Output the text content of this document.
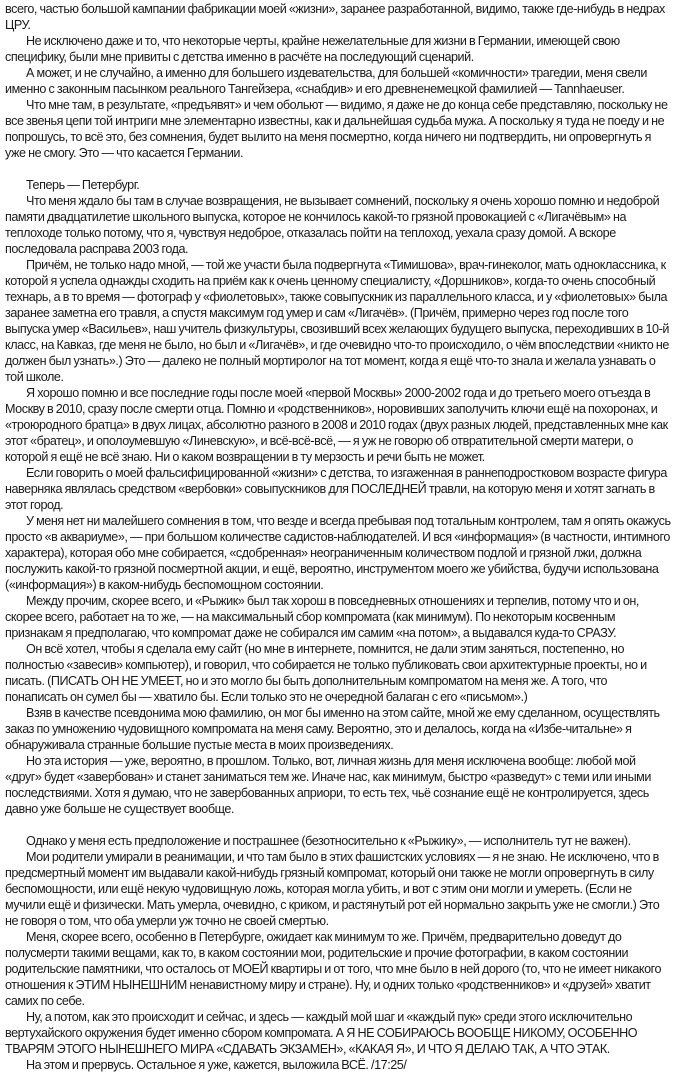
всего, частью большой кампании фабрикации моей «жизни», заранее разработанной, видимо, также где-нибудь в недрах ЦРУ.

Не исключено даже и то, что некоторые черты, крайне нежелательные для жизни в Германии, имеющей свою специфику, были мне привиты с детства именно в расчёте на последующий сценарий.

А может, и не случайно, а именно для большего издевательства, для большей «комичности» трагедии, меня свели именно с законным пасынком реального Тангейзера, «снабдив» и его древненемецкой фамилией — Tannhaeuser.

Что мне там, в результате, «предъявят» и чем обольют — видимо, я даже не до конца себе представляю, поскольку не все звенья цепи той интриги мне элементарно известны, как и дальнейшая судьба мужа. А поскольку я туда не поеду и не попрошусь, то всё это, без сомнения, будет вылито на меня посмертно, когда ничего ни подтвердить, ни опровергнуть я уже не смогу. Это — что касается Германии.

Теперь — Петербург.

Что меня ждало бы там в случае возвращения, не вызывает сомнений, поскольку я очень хорошо помню и недоброй памяти двадцатилетие школьного выпуска, которое не кончилось какой-то грязной провокацией с «Лигачёвым» на теплоходе только потому, что я, чувствуя недоброе, отказалась пойти на теплоход, уехала сразу домой. А вскоре последовала расправа 2003 года.

Причём, не только надо мной, — той же участи была подвергнута «Тимишова», врач-гинеколог, мать одноклассника, к которой я успела однажды сходить на приём как к очень ценному специалисту, «Доршников», когда-то очень способный технарь, а в то время — фотограф у «фиолетовых», также совыпускник из параллельного класса, и у «фиолетовых» была заранее заметна его травля, а спустя максимум год умер и сам «Лигачёв». (Причём, примерно через год после того выпуска умер «Васильев», наш учитель физкультуры, свозивший всех желающих будущего выпуска, переходивших в 10-й класс, на Кавказ, где меня не было, но был и «Лигачёв», и где очевидно что-то происходило, о чём впоследствии «никто не должен был узнать».) Это — далеко не полный мортиролог на тот момент, когда я ещё что-то знала и желала узнавать о той школе.

Я хорошо помню и все последние годы после моей «первой Москвы» 2000-2002 года и до третьего моего отъезда в Москву в 2010, сразу после смерти отца. Помню и «родственников», норовивших заполучить ключи ещё на похоронах, и «троюродного братца» в двух лицах, абсолютно разного в 2008 и 2010 годах (двух разных людей, представленных мне как этот «братец», и ополоумевшую «Линевскую», и всё-всё-всё, — я уж не говорю об отвратительной смерти матери, о которой я ещё не всё знаю. Ни о каком возвращении в ту мерзость и речи быть не может.

Если говорить о моей фальсифицированной «жизни» с детства, то изгаженная в раннеподростковом возрасте фигура наверняка являлась средством «вербовки» совыпускников для ПОСЛЕДНЕЙ травли, на которую меня и хотят загнать в этот город.

У меня нет ни малейшего сомнения в том, что везде и всегда пребывая под тотальным контролем, там я опять окажусь просто «в аквариуме», — при большом количестве садистов-наблюдателей. И вся «информация» (в частности, интимного характера), которая обо мне собирается, «сдобренная» неограниченным количеством подлой и грязной лжи, должна послужить какой-то грязной посмертной акции, и ещё, вероятно, инструментом моего же убийства, будучи использована («информация») в каком-нибудь беспомощном состоянии.

Между прочим, скорее всего, и «Рыжик» был так хорош в повседневных отношениях и терпелив, потому что и он, скорее всего, работает на то же, — на максимальный сбор компромата (как минимум). По некоторым косвенным признакам я предполагаю, что компромат даже не собирался им самим «на потом», а выдавался куда-то СРАЗУ.

Он всё хотел, чтобы я сделала ему сайт (но мне в интернете, помнится, не дали этим заняться, постепенно, но полностью «завесив» компьютер), и говорил, что собирается не только публиковать свои архитектурные проекты, но и писать. (ПИСАТЬ ОН НЕ УМЕЕТ, но и это могло бы быть дополнительным компроматом на меня же. А того, что понаписать он сумел бы — хватило бы. Если только это не очередной балаган с его «письмом».)

Взяв в качестве псевдонима мою фамилию, он мог бы именно на этом сайте, мной же ему сделанном, осуществлять заказ по умножению чудовищного компромата на меня саму. Вероятно, это и делалось, когда на «Избе-читальне» я обнаруживала странные большие пустые места в моих произведениях.

Но эта история — уже, вероятно, в прошлом. Только, вот, личная жизнь для меня исключена вообще: любой мой «друг» будет «завербован» и станет заниматься тем же. Иначе нас, как минимум, быстро «разведут» с теми или иными последствиями. Хотя я думаю, что не завербованных априори, то есть тех, чьё сознание ещё не контролируется, здесь давно уже больше не существует вообще.

Однако у меня есть предположение и пострашнее (безотносительно к «Рыжику», — исполнитель тут не важен).

Мои родители умирали в реанимации, и что там было в этих фашистских условиях — я не знаю. Не исключено, что в предсмертный момент им выдавали какой-нибудь грязный компромат, который они также не могли опровергнуть в силу беспомощности, или ещё некую чудовищную ложь, которая могла убить, и вот с этим они могли и умереть. (Если не мучили ещё и физически. Мать умерла, очевидно, с криком, и растянутый рот ей нормально закрыть уже не смогли.) Это не говоря о том, что оба умерли уж точно не своей смертью.

Меня, скорее всего, особенно в Петербурге, ожидает как минимум то же. Причём, предварительно доведут до полусмерти такими вещами, как то, в каком состоянии мои, родительские и прочие фотографии, в каком состоянии родительские памятники, что осталось от МОЕЙ квартиры и от того, что мне было в ней дорого (то, что не имеет никакого отношения к ЭТИМ НЫНЕШНИМ ненавистному миру и стране). Ну, и одних только «родственников» и «друзей» хватит самих по себе.

Ну, а потом, как это происходит и сейчас, и здесь — каждый мой шаг и «каждый пук» среди этого исключительно вертухайского окружения будет именно сбором компромата. А Я НЕ СОБИРАЮСЬ ВООБЩЕ НИКОМУ, ОСОБЕННО ТВАРЯМ ЭТОГО НЫНЕШНЕГО МИРА «СДАВАТЬ ЭКЗАМЕН», «КАКАЯ Я», И ЧТО Я ДЕЛАЮ ТАК, А ЧТО ЭТАК.

На этом и прервусь. Остальное я уже, кажется, выложила ВСЁ. /17:25/
